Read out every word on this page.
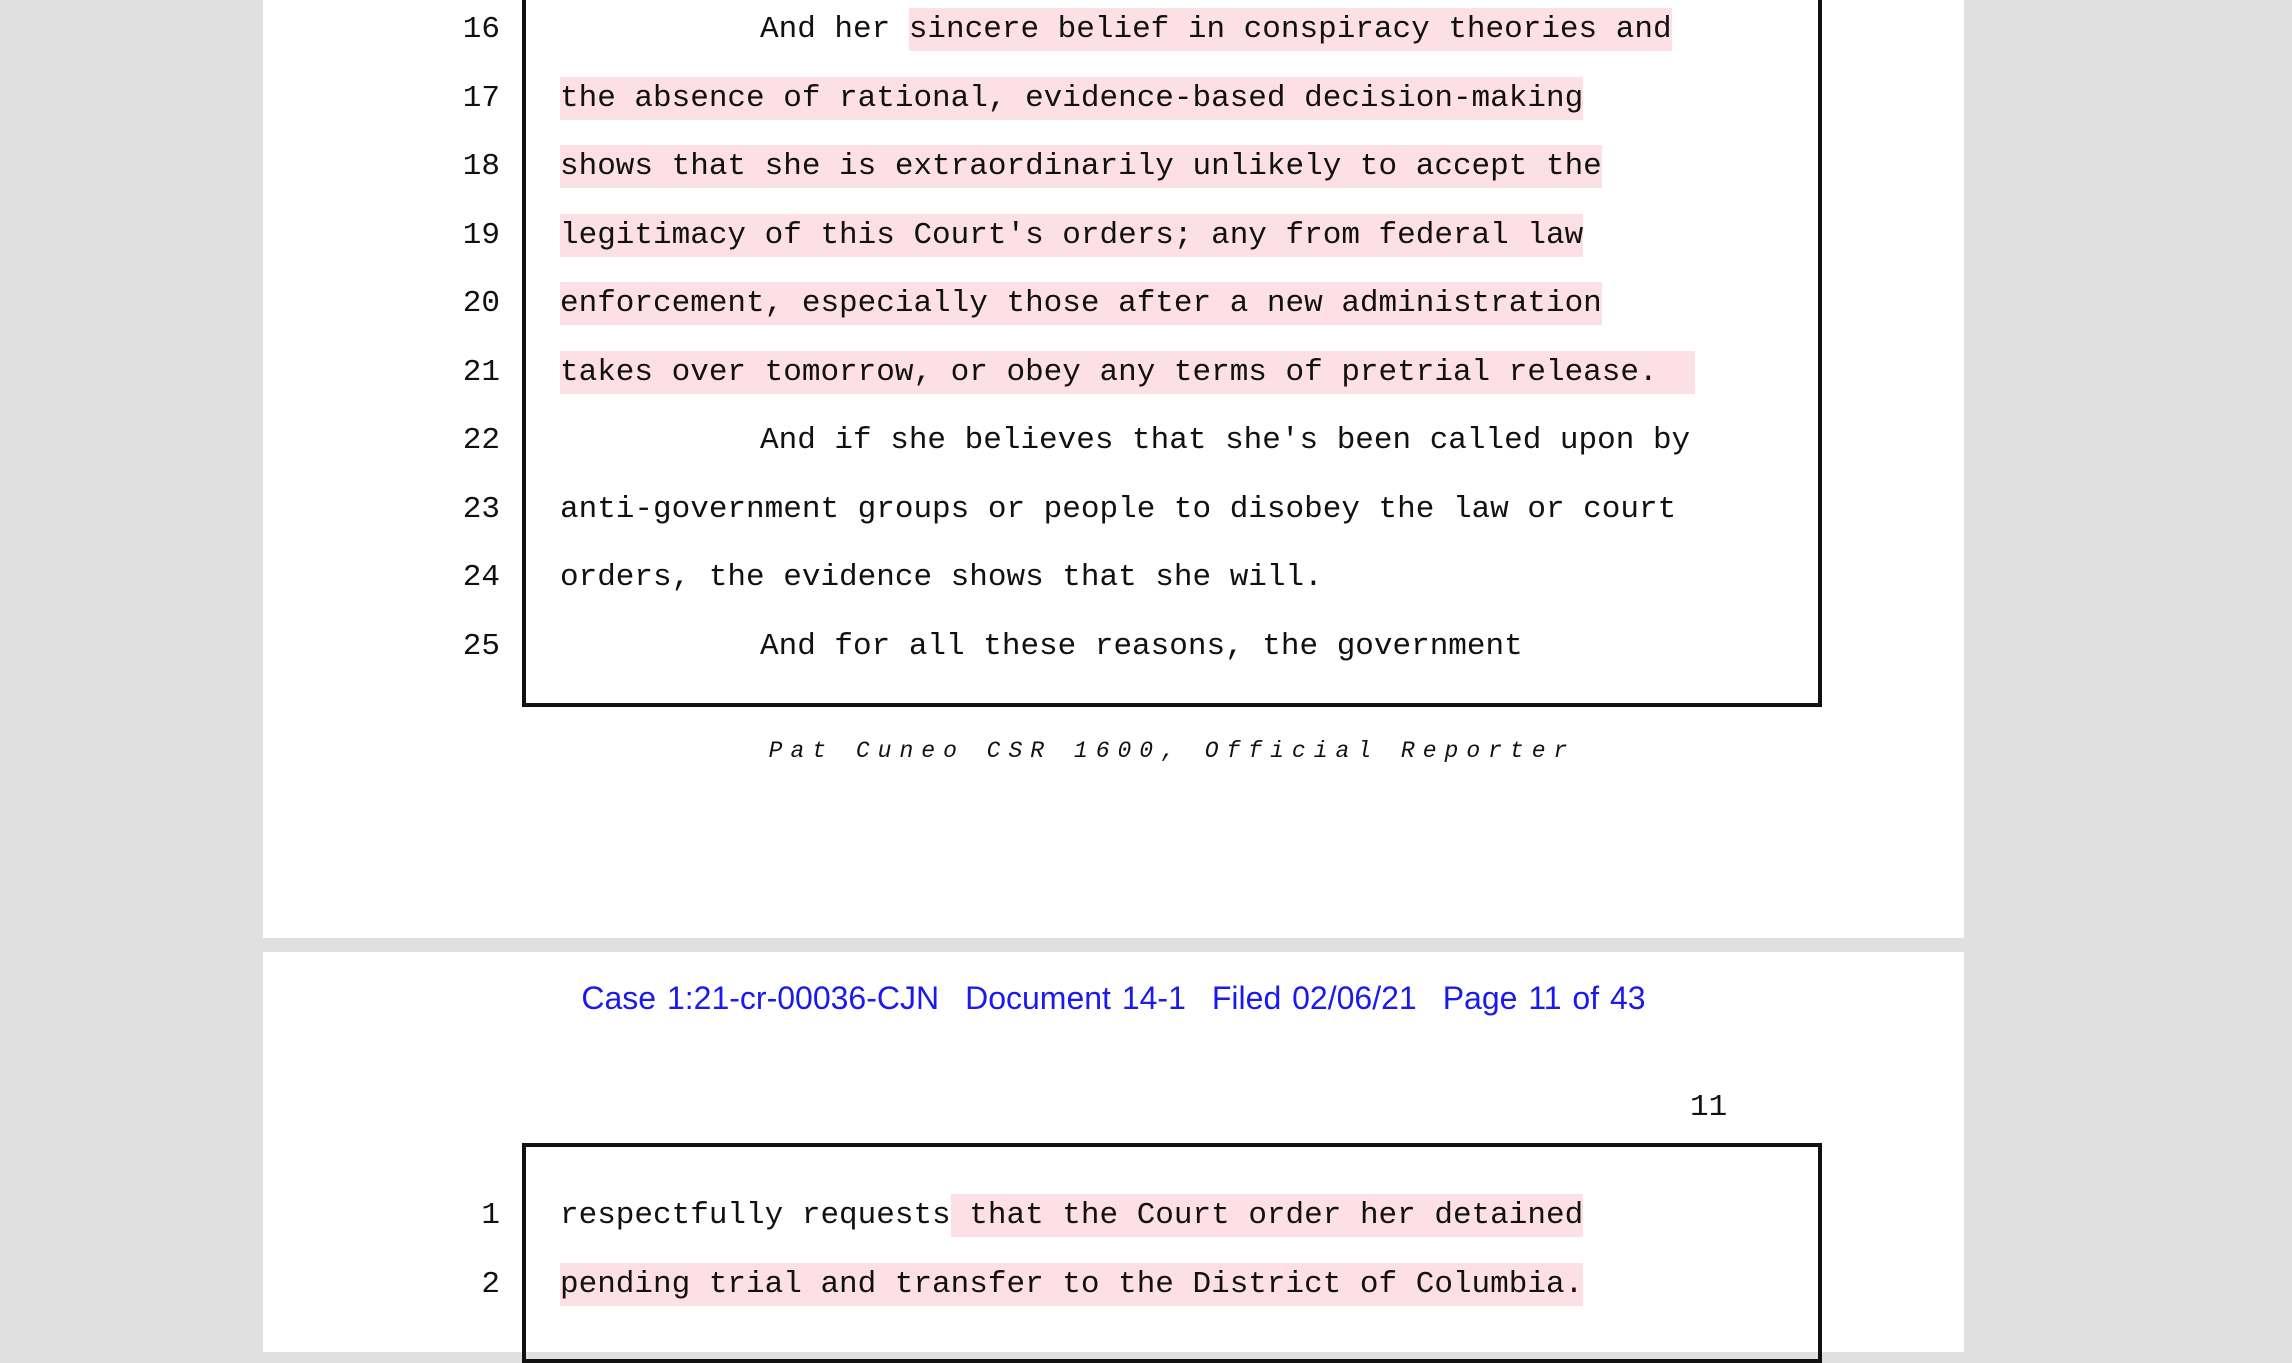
16	And her sincere belief in conspiracy theories and
17 the absence of rational, evidence-based decision-making
18 shows that she is extraordinarily unlikely to accept the
19 legitimacy of this Court's orders; any from federal law
20 enforcement, especially those after a new administration
21 takes over tomorrow, or obey any terms of pretrial release.
22	And if she believes that she's been called upon by
23 anti-government groups or people to disobey the law or court
24 orders, the evidence shows that she will.
25	And for all these reasons, the government
Pat Cuneo CSR 1600, Official Reporter
Case 1:21-cr-00036-CJN Document 14-1 Filed 02/06/21 Page 11 of 43
11
1 respectfully requests that the Court order her detained
2 pending trial and transfer to the District of Columbia.
